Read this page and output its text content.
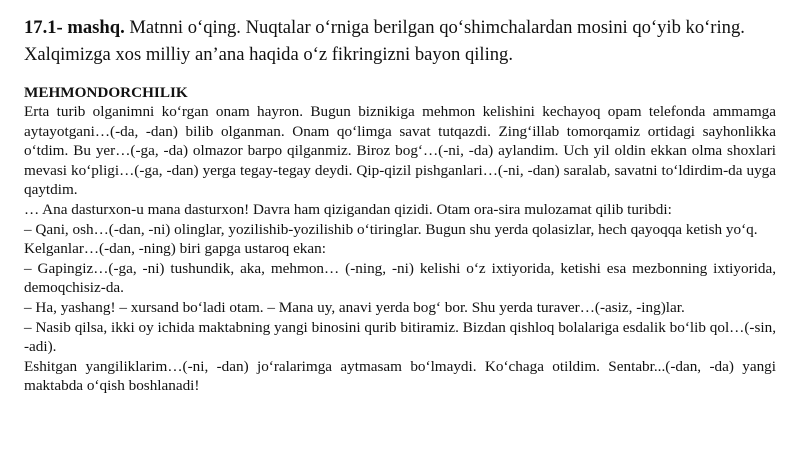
17.1- mashq. Matnni o‘qing. Nuqtalar o‘rniga berilgan qo‘shimchalardan mosini qo‘yib ko‘ring. Xalqimizga xos milliy an’ana haqida o‘z fikringizni bayon qiling.
MEHMONDORCHILIK

Erta turib olganimni ko‘rgan onam hayron. Bugun biznikiga mehmon kelishini kechayoq opam telefonda ammamga aytayotgani…(-da, -dan) bilib olganman. Onam qo‘limga savat tutqazdi. Zing‘illab tomorqamiz ortidagi sayhonlikka o‘tdim. Bu yer…(-ga, -da) olmazor barpo qilganmiz. Biroz bog‘…(-ni, -da) aylandim. Uch yil oldin ekkan olma shoxlari mevasi ko‘pligi…(-ga, -dan) yerga tegay-tegay deydi. Qip-qizil pishganlari…(-ni, -dan) saralab, savatni to‘ldirdim-da uyga qaytdim.

… Ana dasturxon-u mana dasturxon! Davra ham qizigandan qizidi. Otam ora-sira mulozamat qilib turibdi:

– Qani, osh…(-dan, -ni) olinglar, yozilishib-yozilishib o‘tiringlar. Bugun shu yerda qolasizlar, hech qayoqqa ketish yo‘q.

Kelganlar…(-dan, -ning) biri gapga ustaroq ekan:

– Gapingiz…(-ga, -ni) tushundik, aka, mehmon… (-ning, -ni) kelishi o‘z ixtiyorida, ketishi esa mezbonning ixtiyorida, demoqchisiz-da.

– Ha, yashang! – xursand bo‘ladi otam. – Mana uy, anavi yerda bog‘ bor. Shu yerda turaver…(-asiz, -ing)lar.

– Nasib qilsa, ikki oy ichida maktabning yangi binosini qurib bitiramiz. Bizdan qishloq bolalariga esdalik bo‘lib qol…(-sin, -adi).

Eshitgan yangiliklarim…(-ni, -dan) jo‘ralarimga aytmasam bo‘lmaydi. Ko‘chaga otildim. Sentabr...(-dan, -da) yangi maktabda o‘qish boshlanadi!
